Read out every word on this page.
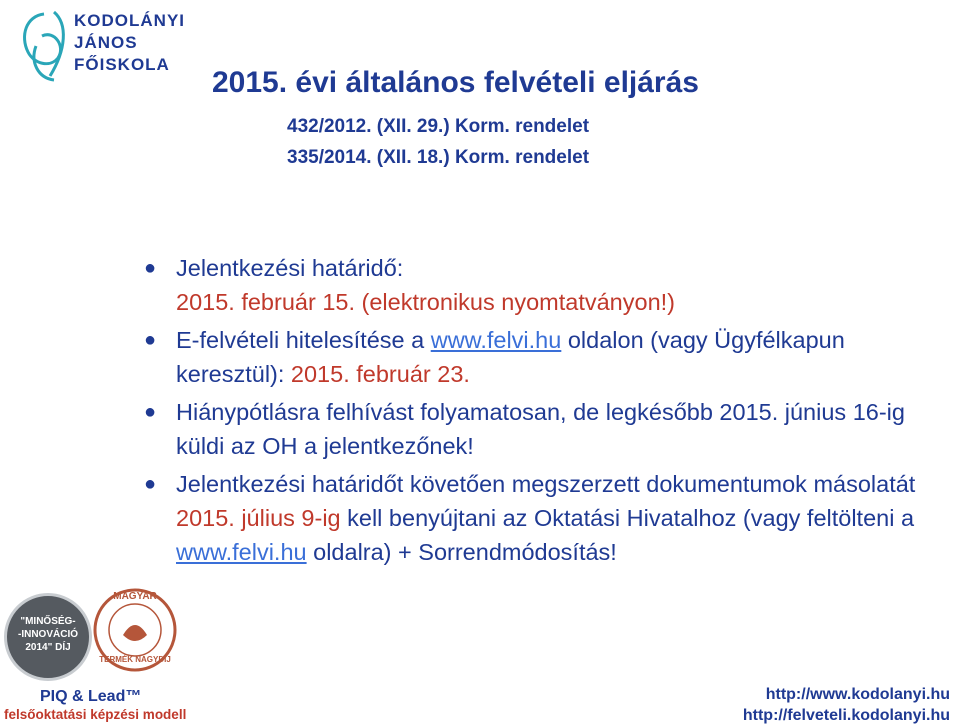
KODOLÁNYI
JÁNOS
FŐISKOLA
2015. évi általános felvételi eljárás
432/2012. (XII. 29.) Korm. rendelet
335/2014. (XII. 18.) Korm. rendelet
● Jelentkezési határidő:
2015. február 15. (elektronikus nyomtatványon!)
● E-felvételi hitelesítése a www.felvi.hu oldalon (vagy Ügyfélkapun keresztül): 2015. február 23.
● Hiánypótlásra felhívást folyamatosan, de legkésőbb 2015. június 16-ig küldi az OH a jelentkezőnek!
● Jelentkezési határidőt követően megszerzett dokumentumok másolatát 2015. július 9-ig kell benyújtani az Oktatási Hivatalhoz (vagy feltölteni a www.felvi.hu oldalra) + Sorrendmódosítás!
"MINŐSÉG-
-INNOVÁCIÓ
2014" DÍJ
MAGYAR
TERMÉK NAGYDÍJ
PIQ & Lead™
felsőoktatási képzési modell
http://www.kodolanyi.hu
http://felveteli.kodolanyi.hu
